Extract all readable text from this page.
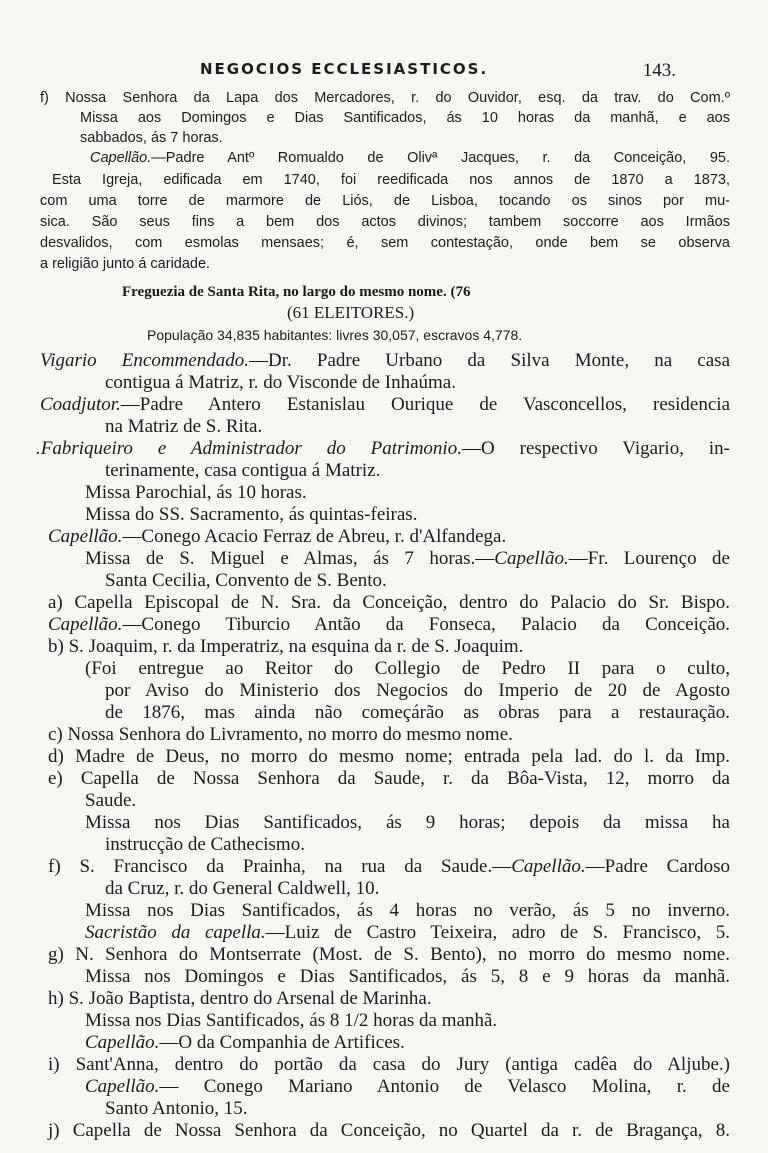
NEGOCIOS ECCLESIASTICOS.	143.
f) Nossa Senhora da Lapa dos Mercadores, r. do Ouvidor, esq. da trav. do Com.º
Missa aos Domingos e Dias Santificados, ás 10 horas da manhã, e aos
sabbados, ás 7 horas.
Capellão.—Padre Antº Romualdo de Olivª Jacques, r. da Conceição, 95.
Esta Igreja, edificada em 1740, foi reedificada nos annos de 1870 a 1873,
com uma torre de marmore de Liós, de Lisboa, tocando os sinos por mu-
sica. São seus fins a bem dos actos divinos; tambem soccorre aos Irmãos
desvalidos, com esmolas mensaes; é, sem contestação, onde bem se observa
a religião junto á caridade.
Freguezia de Santa Rita, no largo do mesmo nome. (76
(61 ELEITORES.)
População 34,835 habitantes: livres 30,057, escravos 4,778.
Vigario Encommendado.—Dr. Padre Urbano da Silva Monte, na casa
contigua á Matriz, r. do Visconde de Inhaúma.
Coadjutor.—Padre Antero Estanislau Ourique de Vasconcellos, residencia
na Matriz de S. Rita.
.Fabriqueiro e Administrador do Patrimonio.—O respectivo Vigario, in-
terinamente, casa contigua á Matriz.
Missa Parochial, ás 10 horas.
Missa do SS. Sacramento, ás quintas-feiras.
Capellão.—Conego Acacio Ferraz de Abreu, r. d'Alfandega.
Missa de S. Miguel e Almas, ás 7 horas.—Capellão.—Fr. Lourenço de
Santa Cecilia, Convento de S. Bento.
a) Capella Episcopal de N. Sra. da Conceição, dentro do Palacio do Sr. Bispo.
Capellão.—Conego Tiburcio Antão da Fonseca, Palacio da Conceição.
b) S. Joaquim, r. da Imperatriz, na esquina da r. de S. Joaquim.
(Foi entregue ao Reitor do Collegio de Pedro II para o culto,
por Aviso do Ministerio dos Negocios do Imperio de 20 de Agosto
de 1876, mas ainda não começárão as obras para a restauração.
c) Nossa Senhora do Livramento, no morro do mesmo nome.
d) Madre de Deus, no morro do mesmo nome; entrada pela lad. do l. da Imp.
e) Capella de Nossa Senhora da Saude, r. da Bôa-Vista, 12, morro da
Saude.
Missa nos Dias Santificados, ás 9 horas; depois da missa ha
instrucção de Cathecismo.
f) S. Francisco da Prainha, na rua da Saude.—Capellão.—Padre Cardoso
da Cruz, r. do General Caldwell, 10.
Missa nos Dias Santificados, ás 4 horas no verão, ás 5 no inverno.
Sacristão da capella.—Luiz de Castro Teixeira, adro de S. Francisco, 5.
g) N. Senhora do Montserrate (Most. de S. Bento), no morro do mesmo nome.
Missa nos Domingos e Dias Santificados, ás 5, 8 e 9 horas da manhã.
h) S. João Baptista, dentro do Arsenal de Marinha.
Missa nos Dias Santificados, ás 8 1/2 horas da manhã.
Capellão.—O da Companhia de Artifices.
i) Sant'Anna, dentro do portão da casa do Jury (antiga cadêa do Aljube.)
Capellão.— Conego Mariano Antonio de Velasco Molina, r. de
Santo Antonio, 15.
j) Capella de Nossa Senhora da Conceição, no Quartel da r. de Bragança, 8.
